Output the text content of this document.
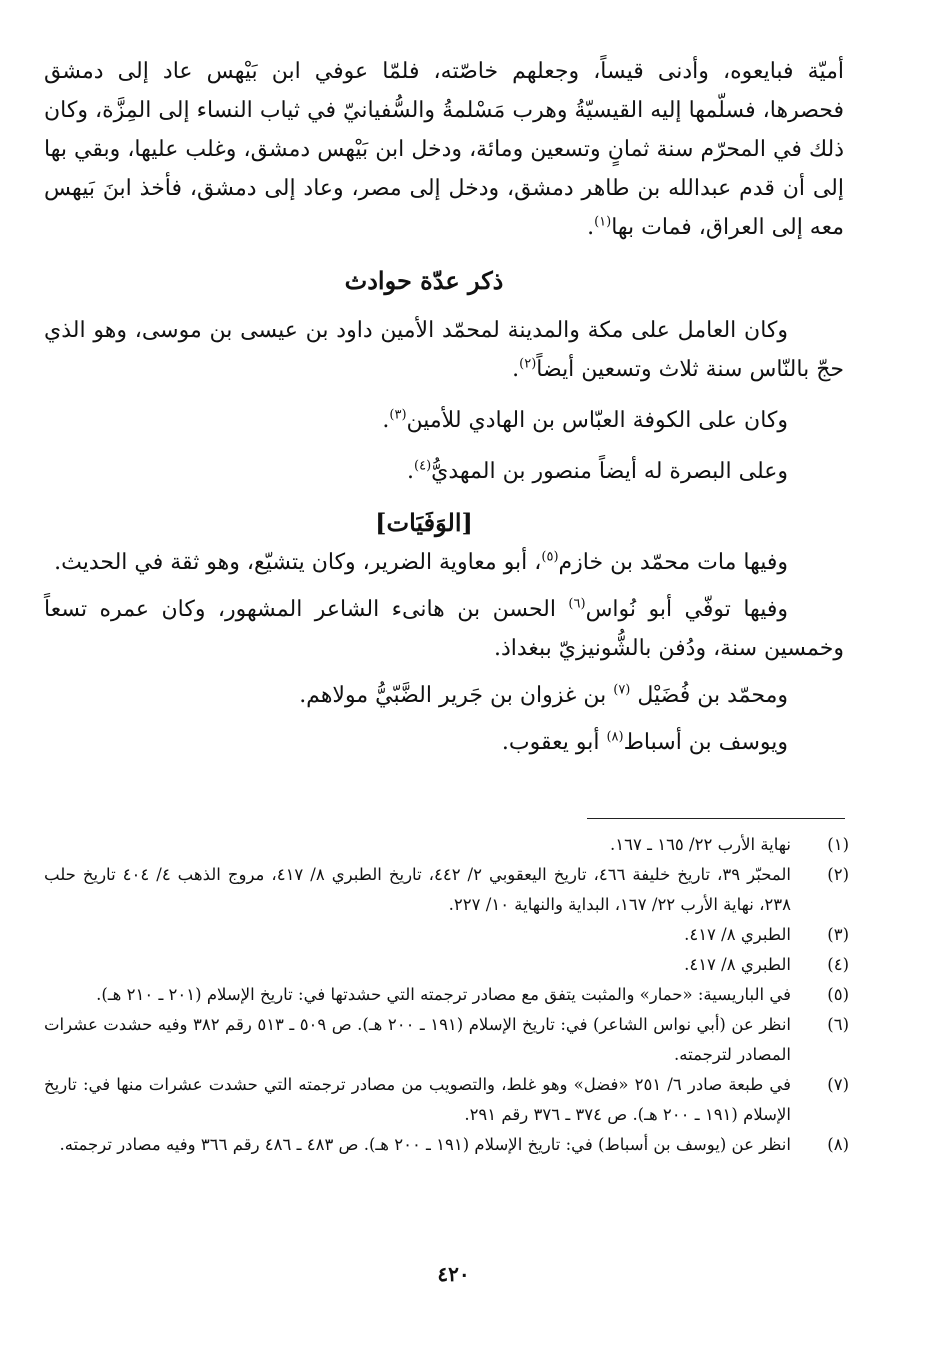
أميّة فبايعوه، وأدنى قيساً، وجعلهم خاصّته، فلمّا عوفي ابن بَيْهس عاد إلى دمشق فحصرها، فسلّمها إليه القيسيّةُ وهرب مَسْلمةُ والسُّفيانيّ في ثياب النساء إلى المِزَّة، وكان ذلك في المحرّم سنة ثمانٍ وتسعين ومائة، ودخل ابن بَيْهس دمشق، وغلب عليها، وبقي بها إلى أن قدم عبدالله بن طاهر دمشق، ودخل إلى مصر، وعاد إلى دمشق، فأخذ ابنَ بَيهس معه إلى العراق، فمات بها$^{(١)}$.

ذكر عدّة حوادث

وكان العامل على مكة والمدينة لمحمّد الأمين داود بن عيسى بن موسى، وهو الذي حجّ بالنّاس سنة ثلاث وتسعين أيضاً$^{(٢)}$.

وكان على الكوفة العبّاس بن الهادي للأمين$^{(٣)}$.

وعلى البصرة له أيضاً منصور بن المهديُّ$^{(٤)}$.

[الوَفَيَات]

وفيها مات محمّد بن خازم$^{(٥)}$، أبو معاوية الضرير، وكان يتشيّع، وهو ثقة في الحديث.

وفيها توفّي أبو نُواس$^{(٦)}$ الحسن بن هانىء الشاعر المشهور، وكان عمره تسعاً وخمسين سنة، ودُفن بالشُّونيزيّ ببغداذ.

ومحمّد بن فُضَيْل $^{(٧)}$ بن غزوان بن جَرير الضَّبّيُّ مولاهم.

ويوسف بن أسباط$^{(٨)}$ أبو يعقوب.

(١)
نهاية الأرب ٢٢/ ١٦٥ ـ ١٦٧.
(٢)
المحبّر ٣٩، تاريخ خليفة ٤٦٦، تاريخ اليعقوبي ٢/ ٤٤٢، تاريخ الطبري ٨/ ٤١٧، مروج الذهب ٤/ ٤٠٤ تاريخ حلب ٢٣٨، نهاية الأرب ٢٢/ ١٦٧، البداية والنهاية ١٠/ ٢٢٧.
(٣)
الطبري ٨/ ٤١٧.
(٤)
الطبري ٨/ ٤١٧.
(٥)
في الباريسية: «حمار» والمثبت يتفق مع مصادر ترجمته التي حشدتها في: تاريخ الإسلام (٢٠١ ـ ٢١٠ هـ).
(٦)
انظر عن (أبي نواس الشاعر) في: تاريخ الإسلام (١٩١ ـ ٢٠٠ هـ). ص ٥٠٩ ـ ٥١٣ رقم ٣٨٢ وفيه حشدت عشرات المصادر لترجمته.
(٧)
في طبعة صادر ٦/ ٢٥١ «فضل» وهو غلط، والتصويب من مصادر ترجمته التي حشدت عشرات منها في: تاريخ الإسلام (١٩١ ـ ٢٠٠ هـ). ص ٣٧٤ ـ ٣٧٦ رقم ٢٩١.
(٨)
انظر عن (يوسف بن أسباط) في: تاريخ الإسلام (١٩١ ـ ٢٠٠ هـ). ص ٤٨٣ ـ ٤٨٦ رقم ٣٦٦ وفيه مصادر ترجمته.
٤٢٠
